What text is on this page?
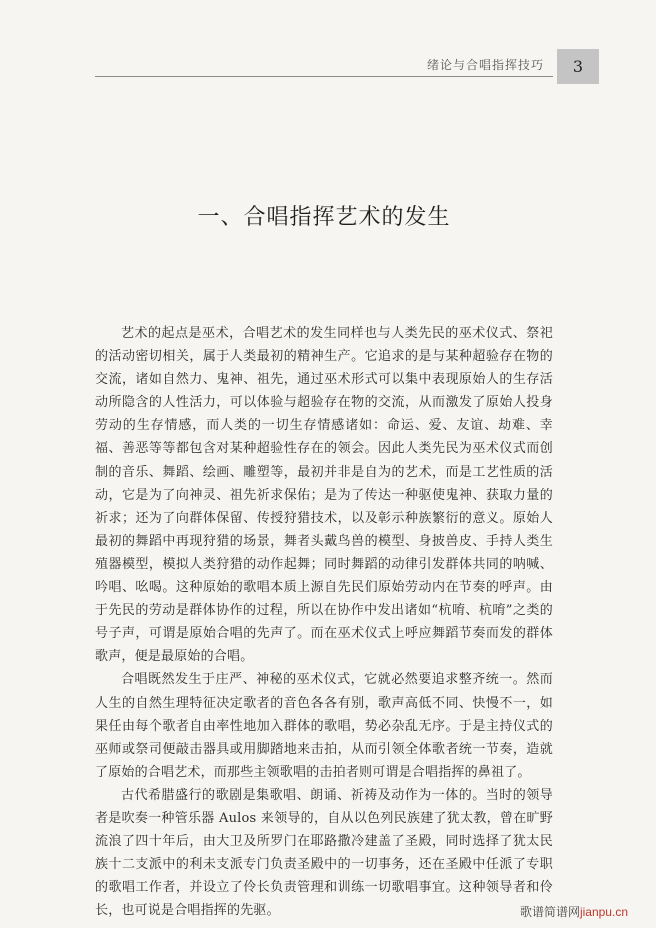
绪论与合唱指挥技巧 3
一、合唱指挥艺术的发生

艺术的起点是巫术，合唱艺术的发生同样也与人类先民的巫术仪式、祭祀的活动密切相关，属于人类最初的精神生产。它追求的是与某种超验存在物的交流，诸如自然力、鬼神、祖先，通过巫术形式可以集中表现原始人的生存活动所隐含的人性活力，可以体验与超验存在物的交流，从而激发了原始人投身劳动的生存情感，而人类的一切生存情感诸如：命运、爱、友谊、劫难、幸福、善恶等等都包含对某种超验性存在的领会。因此人类先民为巫术仪式而创制的音乐、舞蹈、绘画、雕塑等，最初并非是自为的艺术，而是工艺性质的活动，它是为了向神灵、祖先祈求保佑；是为了传达一种驱使鬼神、获取力量的祈求；还为了向群体保留、传授狩猎技术，以及彰示种族繁衍的意义。原始人最初的舞蹈中再现狩猎的场景，舞者头戴鸟兽的模型、身披兽皮、手持人类生殖器模型，模拟人类狩猎的动作起舞；同时舞蹈的动律引发群体共同的呐喊、吟唱、吆喝。这种原始的歌唱本质上源自先民们原始劳动内在节奏的呼声。由于先民的劳动是群体协作的过程，所以在协作中发出诸如“杭唷、杭唷”之类的号子声，可谓是原始合唱的先声了。而在巫术仪式上呼应舞蹈节奏而发的群体歌声，便是最原始的合唱。

合唱既然发生于庄严、神秘的巫术仪式，它就必然要追求整齐统一。然而人生的自然生理特征决定歌者的音色各各有别，歌声高低不同、快慢不一，如果任由每个歌者自由率性地加入群体的歌唱，势必杂乱无序。于是主持仪式的巫师或祭司便敲击器具或用脚踏地来击拍，从而引领全体歌者统一节奏，造就了原始的合唱艺术，而那些主领歌唱的击拍者则可谓是合唱指挥的鼻祖了。

古代希腊盛行的歌剧是集歌唱、朗诵、祈祷及动作为一体的。当时的领导者是吹奏一种管乐器 Aulos 来领导的，自从以色列民族建了犹太教，曾在旷野流浪了四十年后，由大卫及所罗门在耶路撒冷建盖了圣殿，同时选择了犹太民族十二支派中的利未支派专门负责圣殿中的一切事务，还在圣殿中任派了专职的歌唱工作者，并设立了伶长负责管理和训练一切歌唱事宜。这种领导者和伶长，也可说是合唱指挥的先驱。	歌谱简谱网jianpu.cn
